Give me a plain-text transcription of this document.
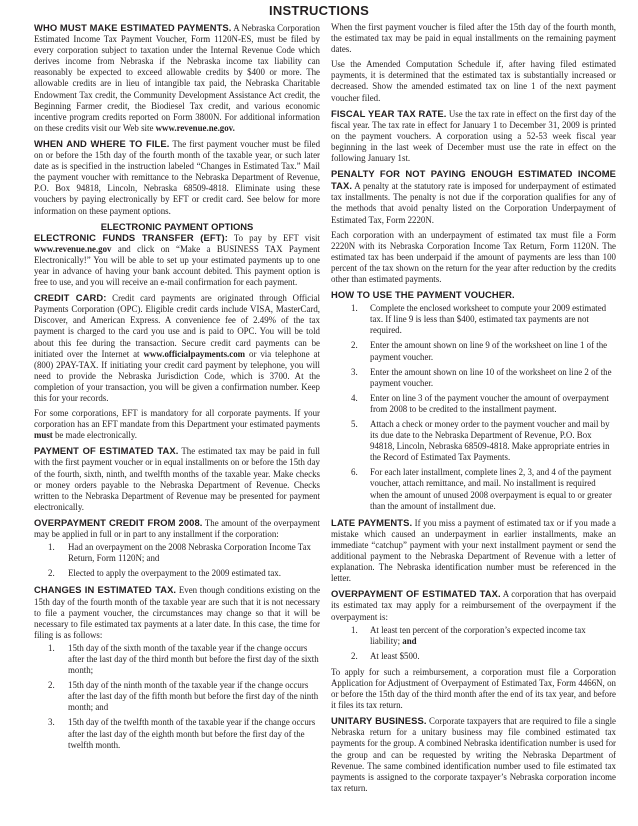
INSTRUCTIONS

WHO MUST MAKE ESTIMATED PAYMENTS. A Nebraska Corporation Estimated Income Tax Payment Voucher, Form 1120N-ES, must be filed by every corporation subject to taxation under the Internal Revenue Code which derives income from Nebraska if the Nebraska income tax liability can reasonably be expected to exceed allowable credits by $400 or more. The allowable credits are in lieu of intangible tax paid, the Nebraska Charitable Endowment Tax credit, the Community Development Assistance Act credit, the Beginning Farmer credit, the Biodiesel Tax credit, and various economic incentive program credits reported on Form 3800N. For additional information on these credits visit our Web site www.revenue.ne.gov.

WHEN AND WHERE TO FILE. The first payment voucher must be filed on or before the 15th day of the fourth month of the taxable year, or such later date as is specified in the instruction labeled “Changes in Estimated Tax.” Mail the payment voucher with remittance to the Nebraska Department of Revenue, P.O. Box 94818, Lincoln, Nebraska 68509-4818. Eliminate using these vouchers by paying electronically by EFT or credit card. See below for more information on these payment options.

ELECTRONIC PAYMENT OPTIONS

ELECTRONIC FUNDS TRANSFER (EFT): To pay by EFT visit www.revenue.ne.gov and click on “Make a BUSINESS TAX Payment Electronically!” You will be able to set up your estimated payments up to one year in advance of having your bank account debited. This payment option is free to use, and you will receive an e-mail confirmation for each payment.

CREDIT CARD: Credit card payments are originated through Official Payments Corporation (OPC). Eligible credit cards include VISA, MasterCard, Discover, and American Express. A convenience fee of 2.49% of the tax payment is charged to the card you use and is paid to OPC. You will be told about this fee during the transaction. Secure credit card payments can be initiated over the Internet at www.officialpayments.com or via telephone at (800) 2PAY-TAX. If initiating your credit card payment by telephone, you will need to provide the Nebraska Jurisdiction Code, which is 3700. At the completion of your transaction, you will be given a confirmation number. Keep this for your records.

For some corporations, EFT is mandatory for all corporate payments. If your corporation has an EFT mandate from this Department your estimated payments must be made electronically.

PAYMENT OF ESTIMATED TAX. The estimated tax may be paid in full with the first payment voucher or in equal installments on or before the 15th day of the fourth, sixth, ninth, and twelfth months of the taxable year. Make checks or money orders payable to the Nebraska Department of Revenue. Checks written to the Nebraska Department of Revenue may be presented for payment electronically.

OVERPAYMENT CREDIT FROM 2008. The amount of the overpayment may be applied in full or in part to any installment if the corporation:

1. Had an overpayment on the 2008 Nebraska Corporation Income Tax Return, Form 1120N; and
2. Elected to apply the overpayment to the 2009 estimated tax.

CHANGES IN ESTIMATED TAX. Even though conditions existing on the 15th day of the fourth month of the taxable year are such that it is not necessary to file a payment voucher, the circumstances may change so that it will be necessary to file estimated tax payments at a later date. In this case, the time for filing is as follows:

1. 15th day of the sixth month of the taxable year if the change occurs after the last day of the third month but before the first day of the sixth month;
2. 15th day of the ninth month of the taxable year if the change occurs after the last day of the fifth month but before the first day of the ninth month; and
3. 15th day of the twelfth month of the taxable year if the change occurs after the last day of the eighth month but before the first day of the twelfth month.

When the first payment voucher is filed after the 15th day of the fourth month, the estimated tax may be paid in equal installments on the remaining payment dates.

Use the Amended Computation Schedule if, after having filed estimated payments, it is determined that the estimated tax is substantially increased or decreased. Show the amended estimated tax on line 1 of the next payment voucher filed.

FISCAL YEAR TAX RATE. Use the tax rate in effect on the first day of the fiscal year. The tax rate in effect for January 1 to December 31, 2009 is printed on the payment vouchers. A corporation using a 52-53 week fiscal year beginning in the last week of December must use the rate in effect on the following January 1st.

PENALTY FOR NOT PAYING ENOUGH ESTIMATED INCOME TAX. A penalty at the statutory rate is imposed for underpayment of estimated tax installments. The penalty is not due if the corporation qualifies for any of the methods that avoid penalty listed on the Corporation Underpayment of Estimated Tax, Form 2220N.

Each corporation with an underpayment of estimated tax must file a Form 2220N with its Nebraska Corporation Income Tax Return, Form 1120N. The estimated tax has been underpaid if the amount of payments are less than 100 percent of the tax shown on the return for the year after reduction by the credits other than estimated payments.

HOW TO USE THE PAYMENT VOUCHER.

1. Complete the enclosed worksheet to compute your 2009 estimated tax. If line 9 is less than $400, estimated tax payments are not required.
2. Enter the amount shown on line 9 of the worksheet on line 1 of the payment voucher.
3. Enter the amount shown on line 10 of the worksheet on line 2 of the payment voucher.
4. Enter on line 3 of the payment voucher the amount of overpayment from 2008 to be credited to the installment payment.
5. Attach a check or money order to the payment voucher and mail by its due date to the Nebraska Department of Revenue, P.O. Box 94818, Lincoln, Nebraska 68509-4818. Make appropriate entries in the Record of Estimated Tax Payments.
6. For each later installment, complete lines 2, 3, and 4 of the payment voucher, attach remittance, and mail. No installment is required when the amount of unused 2008 overpayment is equal to or greater than the amount of installment due.

LATE PAYMENTS. If you miss a payment of estimated tax or if you made a mistake which caused an underpayment in earlier installments, make an immediate “catchup” payment with your next installment payment or send the additional payment to the Nebraska Department of Revenue with a letter of explanation. The Nebraska identification number must be referenced in the letter.

OVERPAYMENT OF ESTIMATED TAX. A corporation that has overpaid its estimated tax may apply for a reimbursement of the overpayment if the overpayment is:

1. At least ten percent of the corporation’s expected income tax liability; and
2. At least $500.

To apply for such a reimbursement, a corporation must file a Corporation Application for Adjustment of Overpayment of Estimated Tax, Form 4466N, on or before the 15th day of the third month after the end of its tax year, and before it files its tax return.

UNITARY BUSINESS. Corporate taxpayers that are required to file a single Nebraska return for a unitary business may file combined estimated tax payments for the group. A combined Nebraska identification number is used for the group and can be requested by writing the Nebraska Department of Revenue. The same combined identification number used to file estimated tax payments is assigned to the corporate taxpayer’s Nebraska corporation income tax return.
